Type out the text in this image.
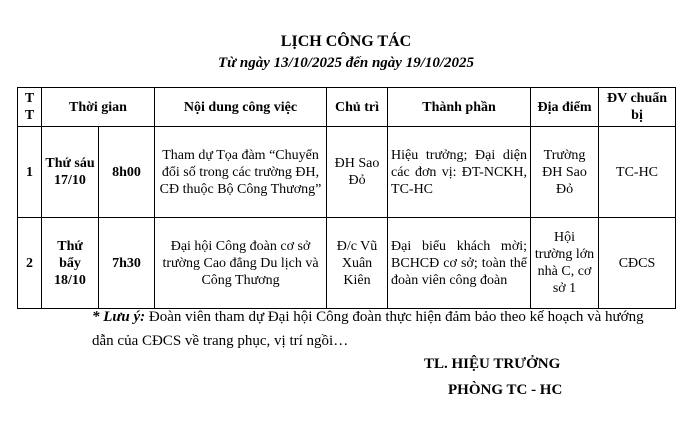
LỊCH CÔNG TÁC
Từ ngày 13/10/2025 đến ngày 19/10/2025
T T	Thời gian		Nội dung công việc	Chủ trì	Thành phần	Địa điểm	ĐV chuẩn bị
1	Thứ sáu 17/10	8h00	Tham dự Tọa đàm “Chuyển đổi số trong các trường ĐH, CĐ thuộc Bộ Công Thương”	ĐH Sao Đỏ	Hiệu trưởng; Đại diện các đơn vị: ĐT-NCKH, TC-HC	Trường ĐH Sao Đỏ	TC-HC
2	Thứ bẩy 18/10	7h30	Đại hội Công đoàn cơ sở trường Cao đẳng Du lịch và Công Thương	Đ/c Vũ Xuân Kiên	Đại biểu khách mời; BCHCĐ cơ sở; toàn thể đoàn viên công đoàn	Hội trường lớn nhà C, cơ sở 1	CĐCS
* Lưu ý: Đoàn viên tham dự Đại hội Công đoàn thực hiện đảm bảo theo kế hoạch và hướng dẫn của CĐCS về trang phục, vị trí ngồi…
TL. HIỆU TRƯỞNG
PHÒNG TC - HC
